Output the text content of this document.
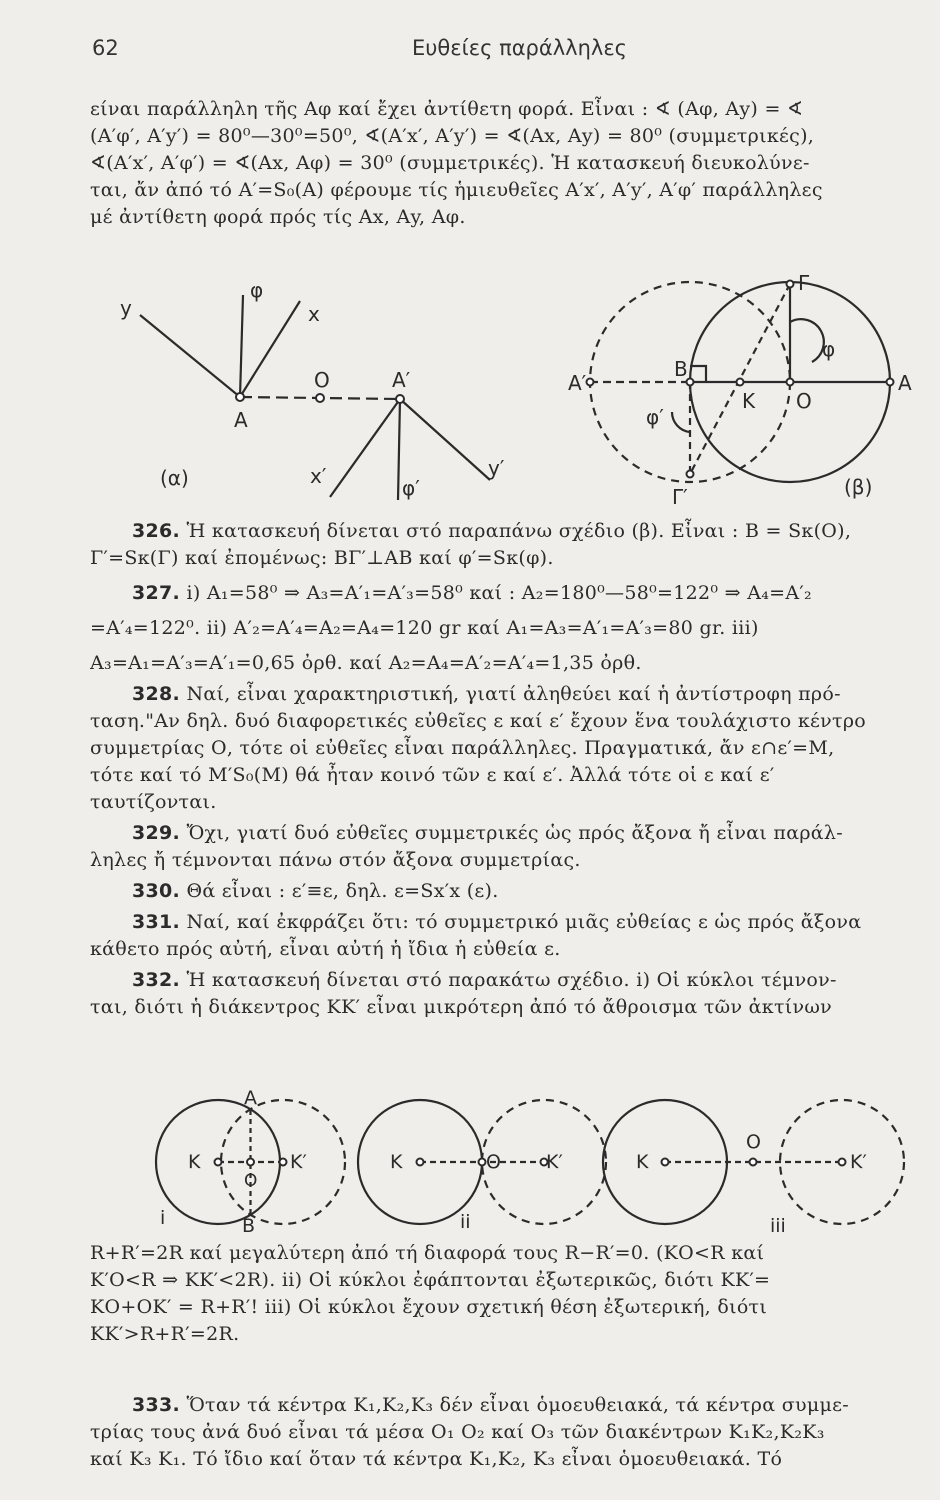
62	Ευθείες παράλληλες
είναι παράλληλη τῆς Αφ καί ἔχει ἀντίθετη φορά. Εἶναι : ∢ (Αφ, Αy) = ∢
(Α′φ′, Α′y′) = 80⁰—30⁰=50⁰, ∢(Α′x′, Α′y′) = ∢(Αx, Αy) = 80⁰ (συμμετρικές),
∢(Α′x′, Α′φ′) = ∢(Αx, Αφ) = 30⁰ (συμμετρικές). Ἡ κατασκευή διευκολύνε-
ται, ἄν ἀπό τό Α′=S₀(Α) φέρουμε τίς ἡμιευθεῖες Α′x′, Α′y′, Α′φ′ παράλληλες
μέ ἀντίθετη φορά πρός τίς Αx, Αy, Αφ.
y
φ
x
Α
Ο	Α′
(α)	x′	φ′
y′
Α′	Α
Β
Κ Ο
Γ
Γ′
φ
φ′
(β)
326. Ἡ κατασκευή δίνεται στό παραπάνω σχέδιο (β). Εἶναι : Β = Sκ(Ο),
Γ′=Sκ(Γ) καί ἐπομένως: ΒΓ′⊥ΑΒ καί φ′=Sκ(φ).
327. i) Α₁=58⁰ ⇒ Α₃=Α′₁=Α′₃=58⁰ καί : Α₂=180⁰—58⁰=122⁰ ⇒ Α₄=Α′₂
=Α′₄=122⁰. ii) Α′₂=Α′₄=Α₂=Α₄=120 gr καί Α₁=Α₃=Α′₁=Α′₃=80 gr. iii)
Α₃=Α₁=Α′₃=Α′₁=0,65 ὀρθ. καί Α₂=Α₄=Α′₂=Α′₄=1,35 ὀρθ.
328. Ναί, εἶναι χαρακτηριστική, γιατί ἀληθεύει καί ἡ ἀντίστροφη πρό-
ταση."Αν δηλ. δυό διαφορετικές εὐθεῖες ε καί ε′ ἔχουν ἕνα τουλάχιστο κέντρο
συμμετρίας Ο, τότε οἱ εὐθεῖες εἶναι παράλληλες. Πραγματικά, ἄν ε∩ε′=Μ,
τότε καί τό Μ′S₀(Μ) θά ἦταν κοινό τῶν ε καί ε′. Ἀλλά τότε οἱ ε καί ε′
ταυτίζονται.
329. Ὄχι, γιατί δυό εὐθεῖες συμμετρικές ὡς πρός ἄξονα ἤ εἶναι παράλ-
ληλες ἤ τέμνονται πάνω στόν ἄξονα συμμετρίας.
330. Θά εἶναι : ε′≡ε, δηλ. ε=Sx′x (ε).
331. Ναί, καί ἐκφράζει ὅτι: τό συμμετρικό μιᾶς εὐθείας ε ὡς πρός ἄξονα
κάθετο πρός αὐτή, εἶναι αὐτή ἡ ἴδια ἡ εὐθεία ε.
332. Ἡ κατασκευή δίνεται στό παρακάτω σχέδιο. i) Οἱ κύκλοι τέμνον-
ται, διότι ἡ διάκεντρος ΚΚ′ εἶναι μικρότερη ἀπό τό ἄθροισμα τῶν ἀκτίνων
Κ	Κ′
Α
Β
Ο
i
Κ	Ο Κ′
ii
Κ
Ο
Κ′
iii
R+R′=2R καί μεγαλύτερη ἀπό τή διαφορά τους R−R′=0. (ΚΟ<R καί
Κ′Ο<R ⇒ ΚΚ′<2R). ii) Οἱ κύκλοι ἐφάπτονται ἐξωτερικῶς, διότι ΚΚ′=
ΚΟ+ΟΚ′ = R+R′! iii) Οἱ κύκλοι ἔχουν σχετική θέση ἐξωτερική, διότι
ΚΚ′>R+R′=2R.
333. Ὅταν τά κέντρα Κ₁,Κ₂,Κ₃ δέν εἶναι ὁμοευθειακά, τά κέντρα συμμε-
τρίας τους ἀνά δυό εἶναι τά μέσα Ο₁ Ο₂ καί Ο₃ τῶν διακέντρων Κ₁Κ₂,Κ₂Κ₃
καί Κ₃ Κ₁. Τό ἴδιο καί ὅταν τά κέντρα Κ₁,Κ₂, Κ₃ εἶναι ὁμοευθειακά. Τό
